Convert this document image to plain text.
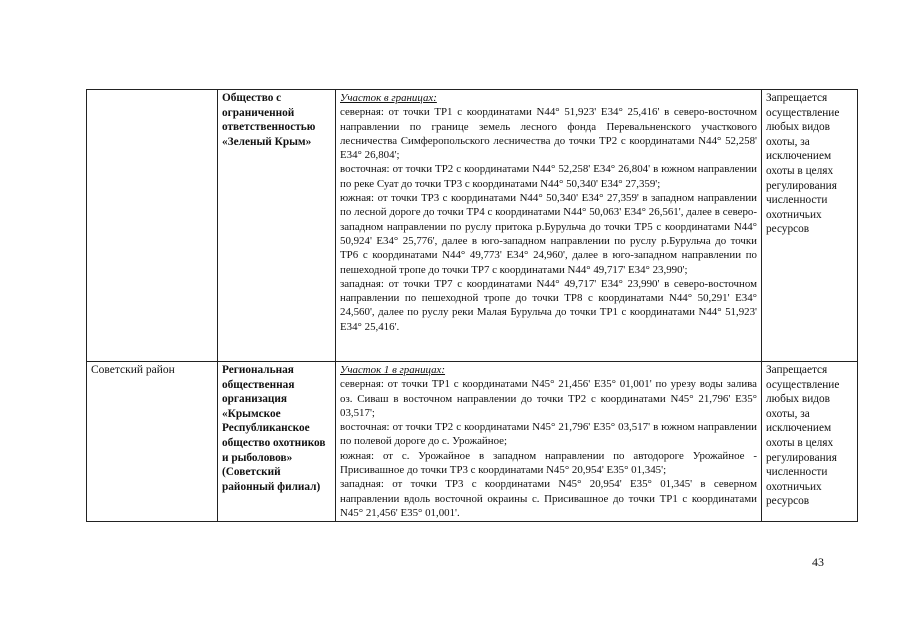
	Общество с ограниченной ответственностью «Зеленый Крым»	Участок в границах:
северная: от точки ТР1 с координатами N44° 51,923' Е34° 25,416' в северо-восточном направлении по границе земель лесного фонда Перевальненского участкового лесничества Симферопольского лесничества до точки ТР2 с координатами N44° 52,258' Е34° 26,804';
восточная: от точки ТР2 с координатами N44° 52,258' Е34° 26,804' в южном направлении по реке Суат до точки ТР3 с координатами N44° 50,340' Е34° 27,359';
южная: от точки ТР3 с координатами N44° 50,340' Е34° 27,359' в западном направлении по лесной дороге до точки ТР4 с координатами N44° 50,063' Е34° 26,561', далее в северо-западном направлении по руслу притока р.Бурульча до точки ТР5 с координатами N44° 50,924' Е34° 25,776', далее в юго-западном направлении по руслу р.Бурульча до точки ТР6 с координатами N44° 49,773' Е34° 24,960', далее в юго-западном направлении по пешеходной тропе до точки ТР7 с координатами N44° 49,717' Е34° 23,990';
западная: от точки ТР7 с координатами N44° 49,717' Е34° 23,990' в северо-восточном направлении по пешеходной тропе до точки ТР8 с координатами N44° 50,291' Е34° 24,560', далее по руслу реки Малая Бурульча до точки ТР1 с координатами N44° 51,923' Е34° 25,416'.	Запрещается осуществление любых видов охоты, за исключением охоты в целях регулирования численности охотничьих ресурсов
Советский район	Региональная общественная организация «Крымское Республиканское общество охотников и рыболовов» (Советский районный филиал)	Участок 1 в границах:
северная: от точки ТР1 с координатами N45° 21,456' Е35° 01,001' по урезу воды залива оз. Сиваш в восточном направлении до точки ТР2 с координатами N45° 21,796' Е35° 03,517';
восточная: от точки ТР2 с координатами N45° 21,796' Е35° 03,517' в южном направлении по полевой дороге до с. Урожайное;
южная: от с. Урожайное в западном направлении по автодороге Урожайное - Присивашное до точки ТР3 с координатами N45° 20,954' Е35° 01,345';
западная: от точки ТР3 с координатами N45° 20,954' Е35° 01,345' в северном направлении вдоль восточной окраины с. Присивашное до точки ТР1 с координатами N45° 21,456' Е35° 01,001'.	Запрещается осуществление любых видов охоты, за исключением охоты в целях регулирования численности охотничьих ресурсов
43
